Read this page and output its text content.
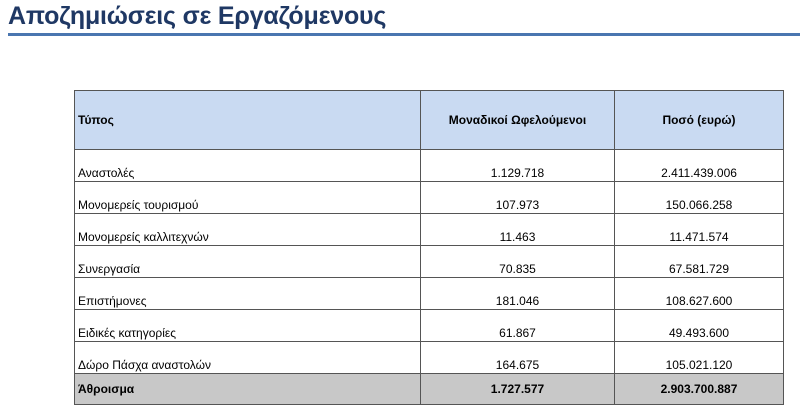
Αποζημιώσεις σε Εργαζόμενους
Τύπος	Μοναδικοί Ωφελούμενοι	Ποσό (ευρώ)
Αναστολές	1.129.718	2.411.439.006
Μονομερείς τουρισμού	107.973	150.066.258
Μονομερείς καλλιτεχνών	11.463	11.471.574
Συνεργασία	70.835	67.581.729
Επιστήμονες	181.046	108.627.600
Ειδικές κατηγορίες	61.867	49.493.600
Δώρο Πάσχα αναστολών	164.675	105.021.120
Άθροισμα	1.727.577	2.903.700.887
